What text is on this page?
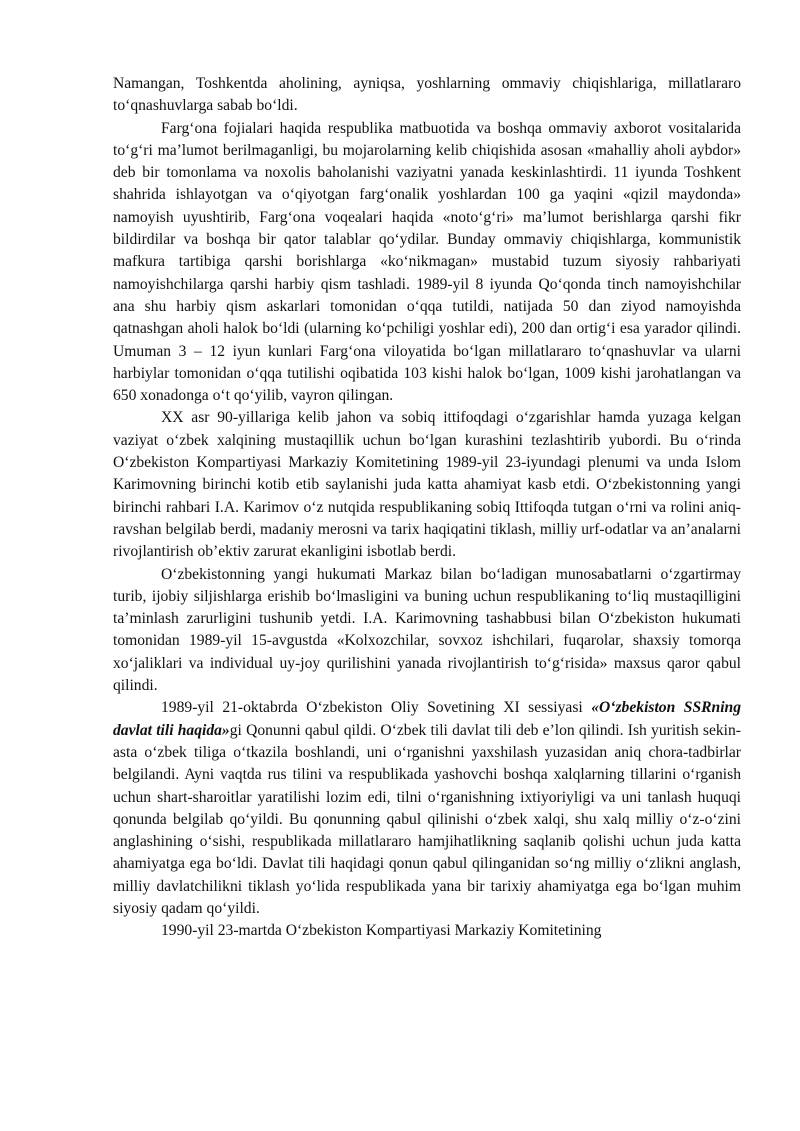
Namangan, Toshkentda aholining, ayniqsa, yoshlarning ommaviy chiqishlariga, millatlararo to‘qnashuvlarga sabab bo‘ldi.

Farg‘ona fojialari haqida respublika matbuotida va boshqa ommaviy axborot vositalarida to‘g‘ri ma’lumot berilmaganligi, bu mojarolarning kelib chiqishida asosan «mahalliy aholi aybdor» deb bir tomonlama va noxolis baholanishi vaziyatni yanada keskinlashtirdi. 11 iyunda Toshkent shahrida ishlayotgan va o‘qiyotgan farg‘onalik yoshlardan 100 ga yaqini «qizil maydonda» namoyish uyushtirib, Farg‘ona voqealari haqida «noto‘g‘ri» ma’lumot berishlarga qarshi fikr bildirdilar va boshqa bir qator talablar qo‘ydilar. Bunday ommaviy chiqishlarga, kommunistik mafkura tartibiga qarshi borishlarga «ko‘nikmagan» mustabid tuzum siyosiy rahbariyati namoyishchilarga qarshi harbiy qism tashladi. 1989-yil 8 iyunda Qo‘qonda tinch namoyishchilar ana shu harbiy qism askarlari tomonidan o‘qqa tutildi, natijada 50 dan ziyod namoyishda qatnashgan aholi halok bo‘ldi (ularning ko‘pchiligi yoshlar edi), 200 dan ortig‘i esa yarador qilindi. Umuman 3 – 12 iyun kunlari Farg‘ona viloyatida bo‘lgan millatlararo to‘qnashuvlar va ularni harbiylar tomonidan o‘qqa tutilishi oqibatida 103 kishi halok bo‘lgan, 1009 kishi jarohatlangan va 650 xonadonga o‘t qo‘yilib, vayron qilingan.

XX asr 90-yillariga kelib jahon va sobiq ittifoqdagi o‘zgarishlar hamda yuzaga kelgan vaziyat o‘zbek xalqining mustaqillik uchun bo‘lgan kurashini tezlashtirib yubordi. Bu o‘rinda O‘zbekiston Kompartiyasi Markaziy Komitetining 1989-yil 23-iyundagi plenumi va unda Islom Karimovning birinchi kotib etib saylanishi juda katta ahamiyat kasb etdi. O‘zbekistonning yangi birinchi rahbari I.A. Karimov o‘z nutqida respublikaning sobiq Ittifoqda tutgan o‘rni va rolini aniq-ravshan belgilab berdi, madaniy merosni va tarix haqiqatini tiklash, milliy urf-odatlar va an’analarni rivojlantirish ob’ektiv zarurat ekanligini isbotlab berdi.

O‘zbekistonning yangi hukumati Markaz bilan bo‘ladigan munosabatlarni o‘zgartirmay turib, ijobiy siljishlarga erishib bo‘lmasligini va buning uchun respublikaning to‘liq mustaqilligini ta’minlash zarurligini tushunib yetdi. I.A. Karimovning tashabbusi bilan O‘zbekiston hukumati tomonidan 1989-yil 15-avgustda «Kolxozchilar, sovxoz ishchilari, fuqarolar, shaxsiy tomorqa xo‘jaliklari va individual uy-joy qurilishini yanada rivojlantirish to‘g‘risida» maxsus qaror qabul qilindi.

1989-yil 21-oktabrda O‘zbekiston Oliy Sovetining XI sessiyasi «O‘zbekiston SSRning davlat tili haqida»gi Qonunni qabul qildi. O‘zbek tili davlat tili deb e’lon qilindi. Ish yuritish sekin-asta o‘zbek tiliga o‘tkazila boshlandi, uni o‘rganishni yaxshilash yuzasidan aniq chora-tadbirlar belgilandi. Ayni vaqtda rus tilini va respublikada yashovchi boshqa xalqlarning tillarini o‘rganish uchun shart-sharoitlar yaratilishi lozim edi, tilni o‘rganishning ixtiyoriyligi va uni tanlash huquqi qonunda belgilab qo‘yildi. Bu qonunning qabul qilinishi o‘zbek xalqi, shu xalq milliy o‘z-o‘zini anglashining o‘sishi, respublikada millatlararo hamjihatlikning saqlanib qolishi uchun juda katta ahamiyatga ega bo‘ldi. Davlat tili haqidagi qonun qabul qilinganidan so‘ng milliy o‘zlikni anglash, milliy davlatchilikni tiklash yo‘lida respublikada yana bir tarixiy ahamiyatga ega bo‘lgan muhim siyosiy qadam qo‘yildi.

1990-yil 23-martda O‘zbekiston Kompartiyasi Markaziy Komitetining
